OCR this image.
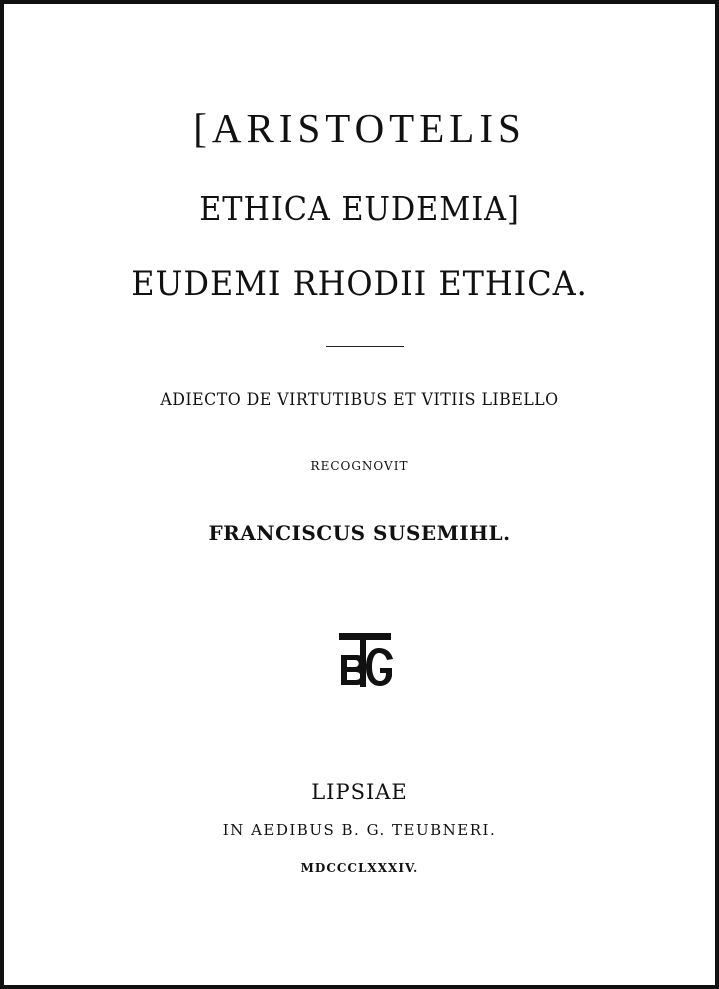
[ARISTOTELIS
ETHICA EUDEMIA]
EUDEMI RHODII ETHICA.
ADIECTO DE VIRTUTIBUS ET VITIIS LIBELLO
RECOGNOVIT
FRANCISCUS SUSEMIHL.
LIPSIAE
IN AEDIBUS B. G. TEUBNERI.
MDCCCLXXXIV.
